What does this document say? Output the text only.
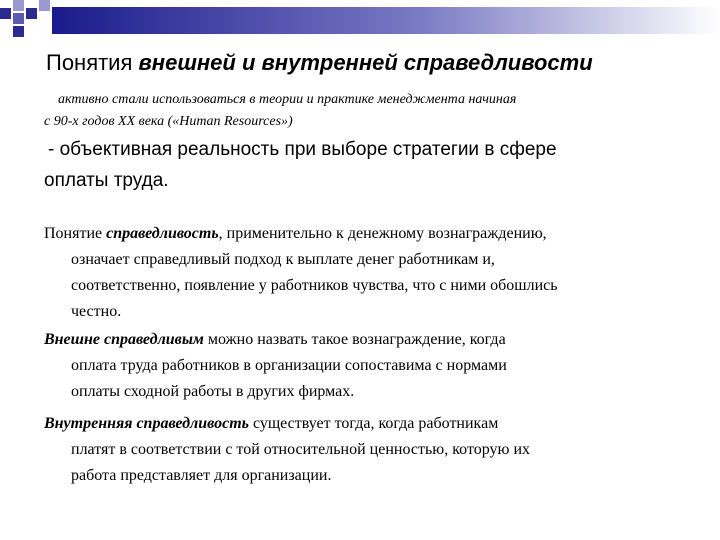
Понятия внешней и внутренней справедливости
активно стали использоваться в теории и практике менеджмента начиная
с 90-х годов XX века («Human Resources»)
- объективная реальность при выборе стратегии в сфере
оплаты труда.
Понятие справедливость, применительно к денежному вознаграждению,
означает справедливый подход к выплате денег работникам и,
соответственно, появление у работников чувства, что с ними обошлись
честно.
Внешне справедливым можно назвать такое вознаграждение, когда
оплата труда работников в организации сопоставима с нормами
оплаты сходной работы в других фирмах.
Внутренняя справедливость существует тогда, когда работникам
платят в соответствии с той относительной ценностью, которую их
работа представляет для организации.
